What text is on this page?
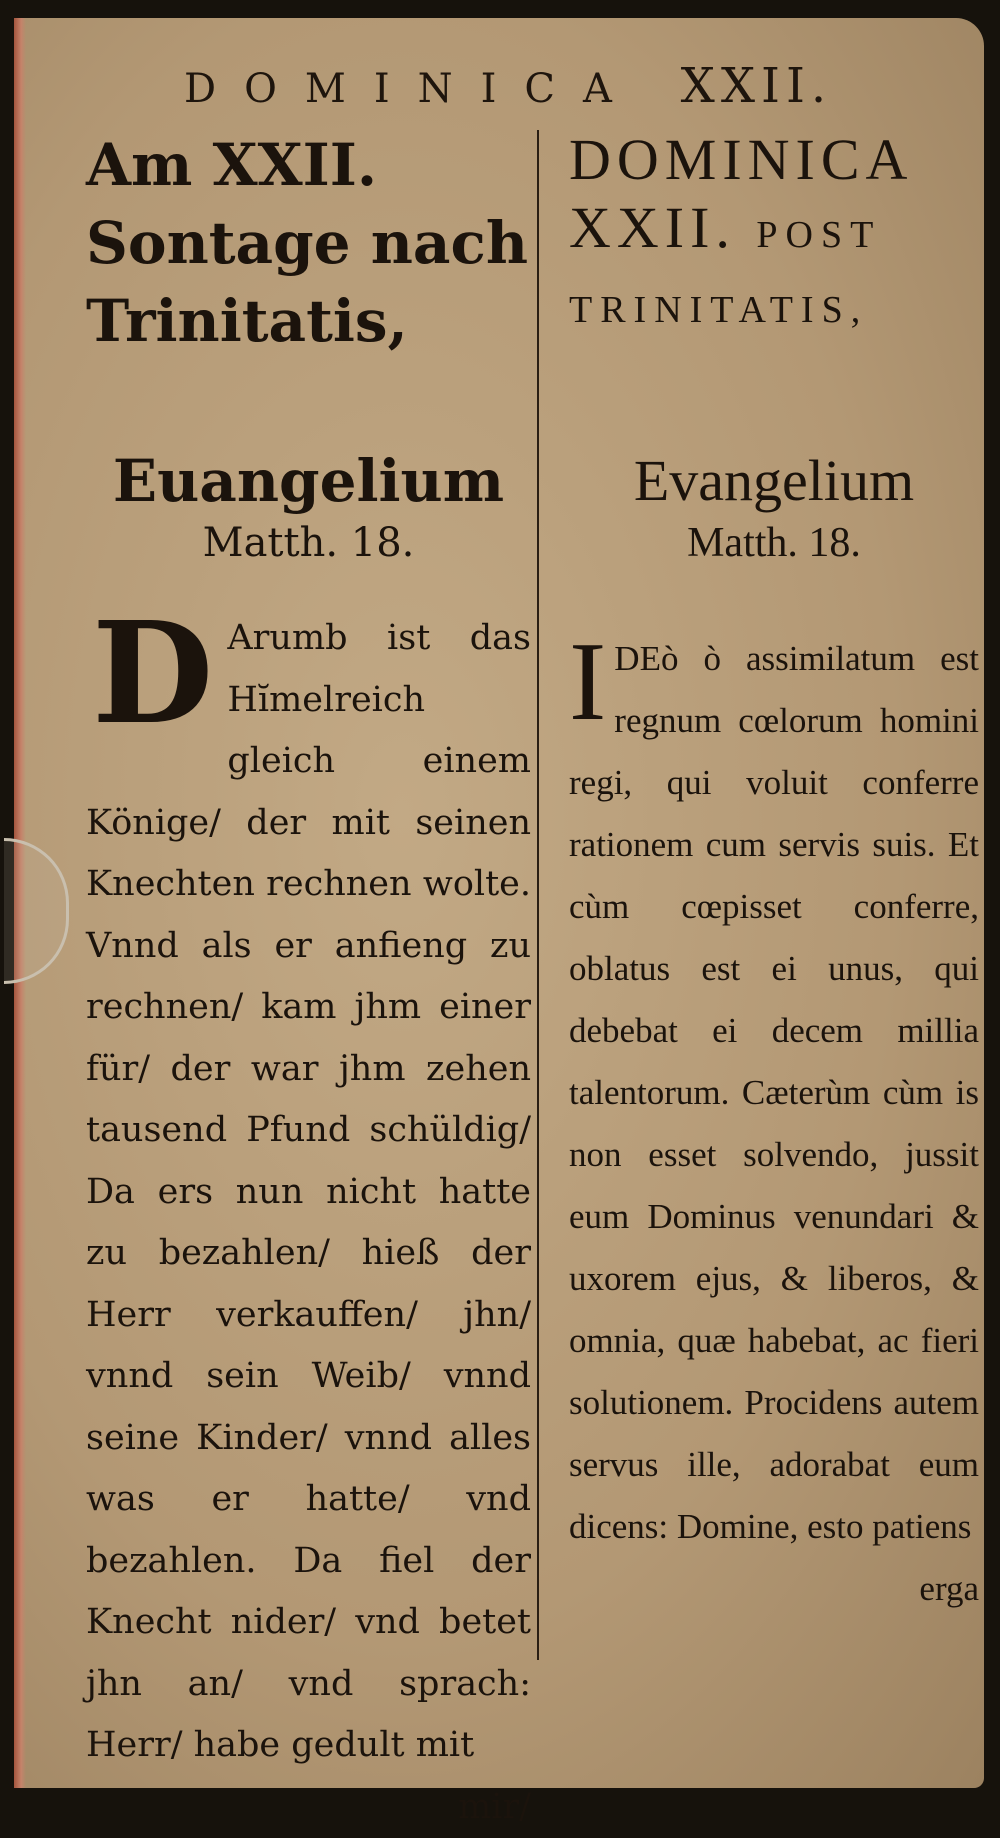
DOMINICA XXII.

Am XXII. Sontage nach Trinitatis,

Euangelium
Matth. 18.
D Arumb ist das Hĭmelreich gleich einem Könige/ der mit seinen Knechten rechnen wolte. Vnnd als er anfieng zu rechnen/ kam jhm einer für/ der war jhm zehen tausend Pfund schüldig/ Da ers nun nicht hatte zu bezahlen/ hieß der Herr verkauffen/ jhn/ vnnd sein Weib/ vnnd seine Kinder/ vnnd alles was er hatte/ vnd bezahlen. Da fiel der Knecht nider/ vnd betet jhn an/ vnd sprach: Herr/ habe gedult mit
mir/

DOMINICA XXII. POST TRINITATIS,

Evangelium
Matth. 18.
I DEò ò assimilatum est regnum cœlorum homini regi, qui voluit conferre rationem cum servis suis. Et cùm cœpisset conferre, oblatus est ei unus, qui debebat ei decem millia talentorum. Cæterùm cùm is non esset solvendo, jussit eum Dominus venundari & uxorem ejus, & liberos, & omnia, quæ habebat, ac fieri solutionem. Procidens autem servus ille, adorabat eum dicens: Domine, esto patiens
erga
